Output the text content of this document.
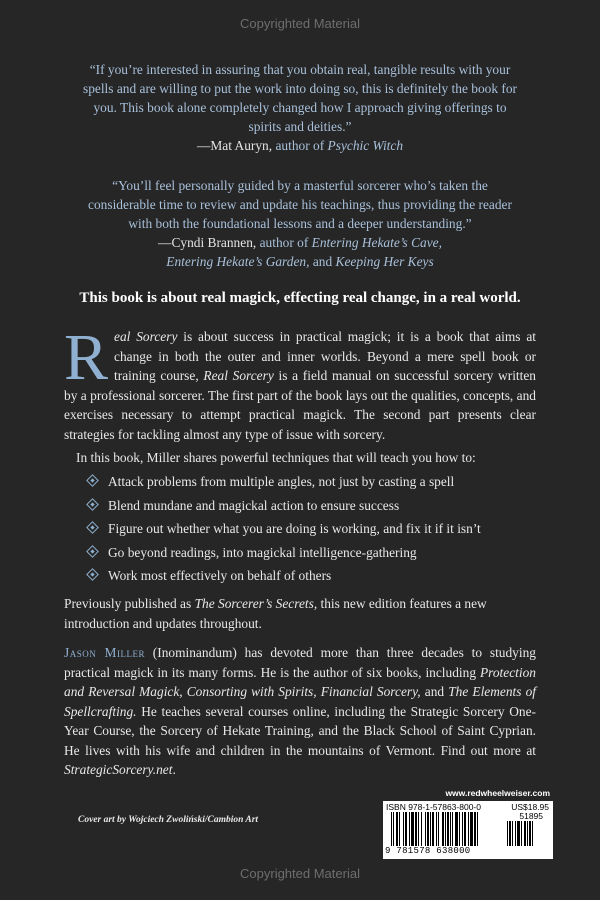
Copyrighted Material
“If you’re interested in assuring that you obtain real, tangible results with your spells and are willing to put the work into doing so, this is definitely the book for you. This book alone completely changed how I approach giving offerings to spirits and deities.”
—Mat Auryn, author of Psychic Witch
“You’ll feel personally guided by a masterful sorcerer who’s taken the considerable time to review and update his teachings, thus providing the reader with both the foundational lessons and a deeper understanding.”
—Cyndi Brannen, author of Entering Hekate’s Cave,
Entering Hekate’s Garden, and Keeping Her Keys
This book is about real magick, effecting real change, in a real world.
Real Sorcery is about success in practical magick; it is a book that aims at change in both the outer and inner worlds. Beyond a mere spell book or training course, Real Sorcery is a field manual on successful sorcery written by a professional sorcerer. The first part of the book lays out the qualities, concepts, and exercises necessary to attempt practical magick. The second part presents clear strategies for tackling almost any type of issue with sorcery.
In this book, Miller shares powerful techniques that will teach you how to:
Attack problems from multiple angles, not just by casting a spell
Blend mundane and magickal action to ensure success
Figure out whether what you are doing is working, and fix it if it isn’t
Go beyond readings, into magickal intelligence-gathering
Work most effectively on behalf of others
Previously published as The Sorcerer’s Secrets, this new edition features a new introduction and updates throughout.
Jason Miller (Inominandum) has devoted more than three decades to studying practical magick in its many forms. He is the author of six books, including Protection and Reversal Magick, Consorting with Spirits, Financial Sorcery, and The Elements of Spellcrafting. He teaches several courses online, including the Strategic Sorcery One-Year Course, the Sorcery of Hekate Training, and the Black School of Saint Cyprian. He lives with his wife and children in the mountains of Vermont. Find out more at StrategicSorcery.net.
www.redwheelweiser.com
Cover art by Wojciech Zwoliński/Cambion Art
ISBN 978-1-57863-800-0	US$18.95
51895
9 781578 638000
Copyrighted Material
